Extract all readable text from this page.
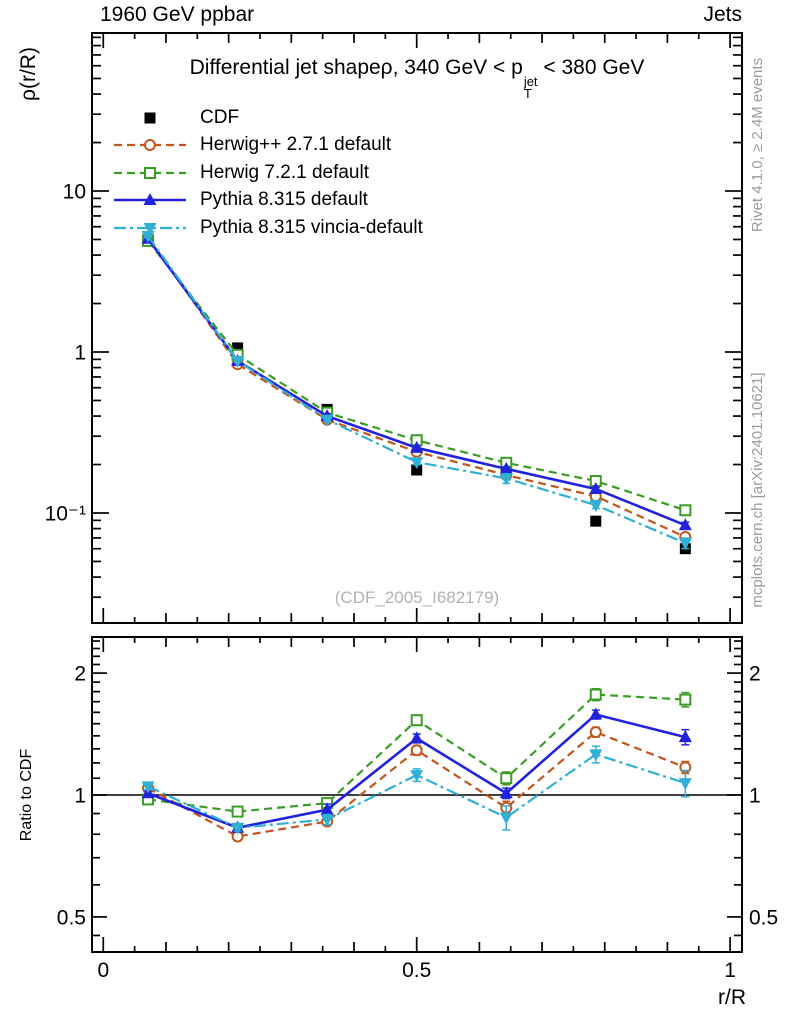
10
1
10⁻¹
2	2
1	1
0.5	0.5
0	0.5	1
1960 GeV ppbar	Jets
ρ(r/R)
Ratio to CDF
r/R
Rivet 4.1.0, ≥ 2.4M events
mcplots.cern.ch [arXiv:2401.10621]
(CDF_2005_I682179)
Differential jet shapeρ, 340 GeV < p
jet
T
< 380 GeV
CDF
Herwig++ 2.7.1 default
Herwig 7.2.1 default
Pythia 8.315 default
Pythia 8.315 vincia-default
